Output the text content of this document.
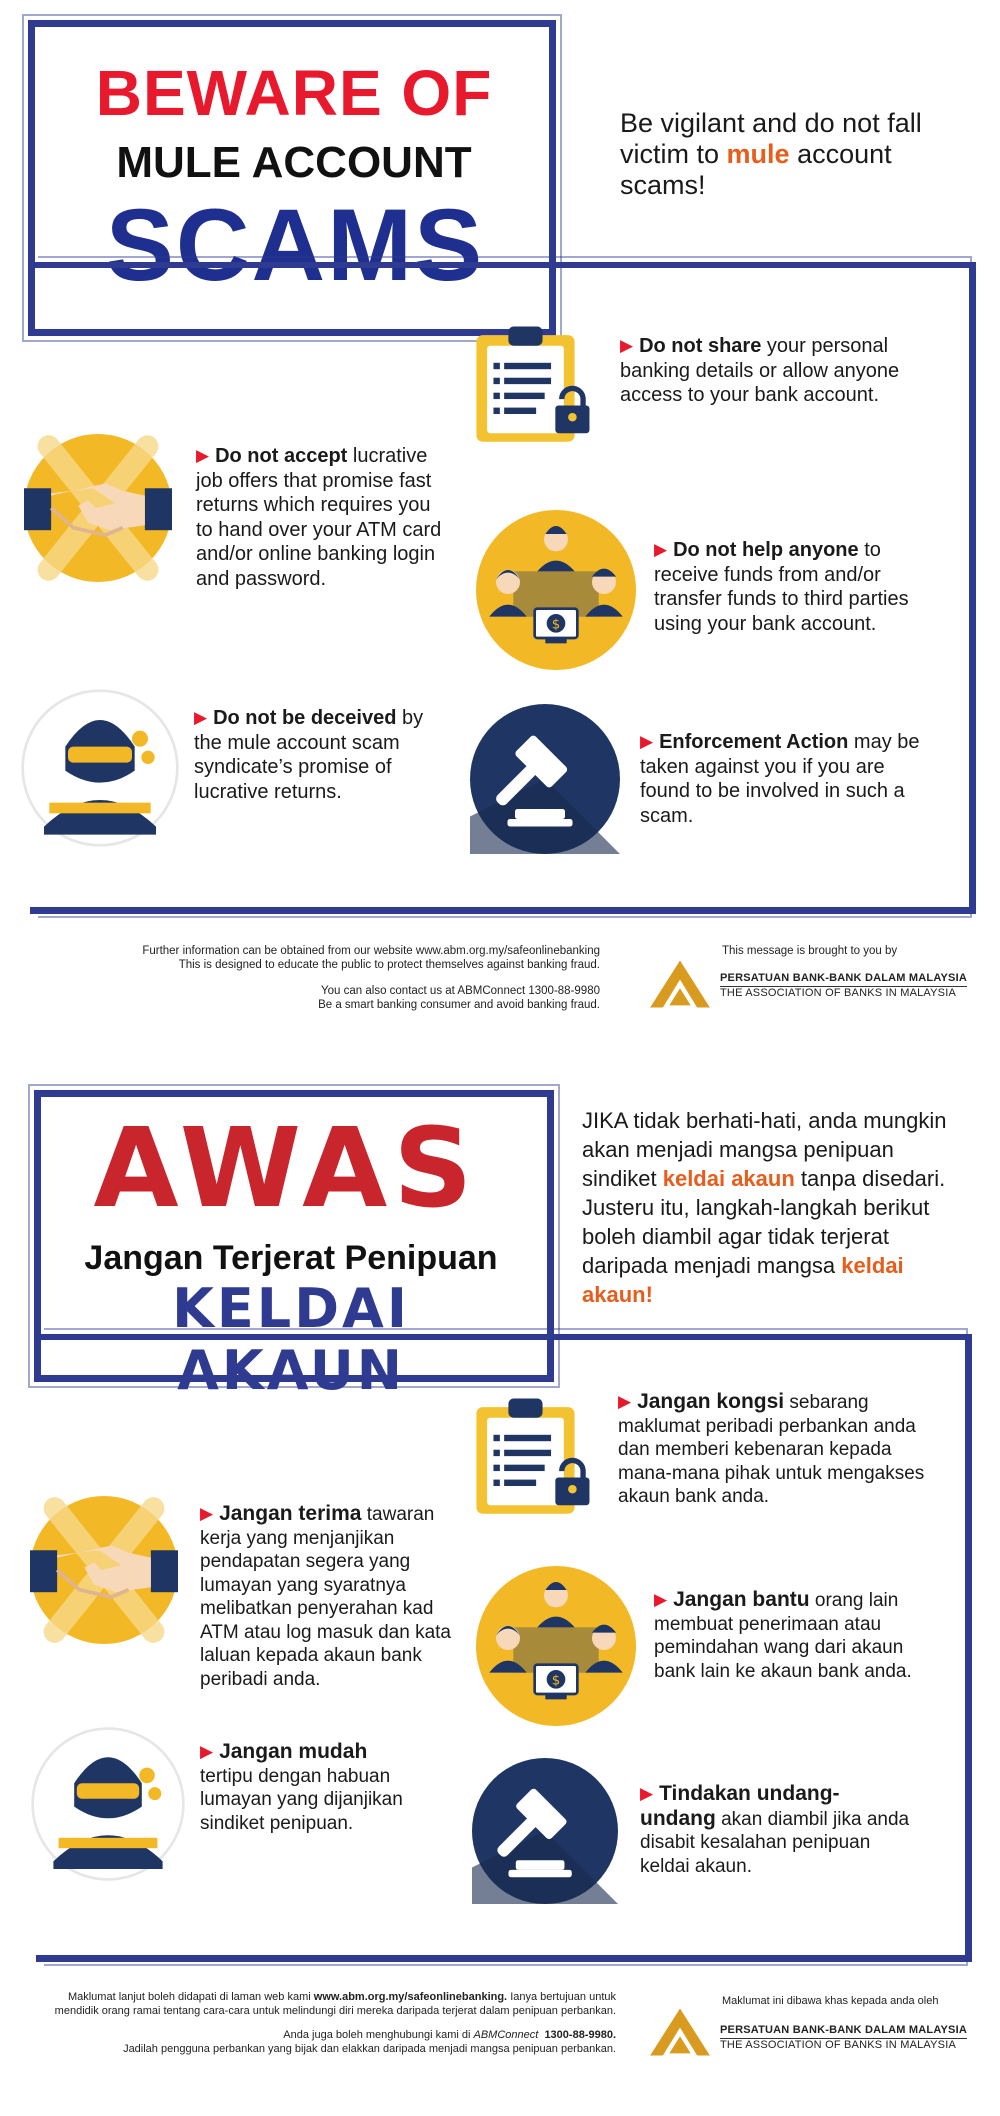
BEWARE OF
MULE ACCOUNT
SCAMS
Be vigilant and do not fall victim to mule account scams!
▶ Do not share your personal banking details or allow anyone access to your bank account.
▶ Do not accept lucrative job offers that promise fast returns which requires you to hand over your ATM card and/or online banking login and password.
▶ Do not help anyone to receive funds from and/or transfer funds to third parties using your bank account.
▶ Do not be deceived by the mule account scam syndicate’s promise of lucrative returns.
▶ Enforcement Action may be taken against you if you are found to be involved in such a scam.
Further information can be obtained from our website www.abm.org.my/safeonlinebanking
This is designed to educate the public to protect themselves against banking fraud.
You can also contact us at ABMConnect 1300-88-9980
Be a smart banking consumer and avoid banking fraud.
This message is brought to you by
PERSATUAN BANK-BANK DALAM MALAYSIA
THE ASSOCIATION OF BANKS IN MALAYSIA
AWAS
Jangan Terjerat Penipuan
KELDAI AKAUN
JIKA tidak berhati-hati, anda mungkin akan menjadi mangsa penipuan sindiket keldai akaun tanpa disedari. Justeru itu, langkah-langkah berikut boleh diambil agar tidak terjerat daripada menjadi mangsa keldai akaun!
▶ Jangan kongsi sebarang maklumat peribadi perbankan anda dan memberi kebenaran kepada mana-mana pihak untuk mengakses akaun bank anda.
▶ Jangan terima tawaran kerja yang menjanjikan pendapatan segera yang lumayan yang syaratnya melibatkan penyerahan kad ATM atau log masuk dan kata laluan kepada akaun bank peribadi anda.
▶ Jangan bantu orang lain membuat penerimaan atau pemindahan wang dari akaun bank lain ke akaun bank anda.
▶ Jangan mudah tertipu dengan habuan lumayan yang dijanjikan sindiket penipuan.
▶ Tindakan undang-undang akan diambil jika anda disabit kesalahan penipuan keldai akaun.
Maklumat lanjut boleh didapati di laman web kami www.abm.org.my/safeonlinebanking. Ianya bertujuan untuk
mendidik orang ramai tentang cara-cara untuk melindungi diri mereka daripada terjerat dalam penipuan perbankan.
Anda juga boleh menghubungi kami di ABMConnect 1300-88-9980.
Jadilah pengguna perbankan yang bijak dan elakkan daripada menjadi mangsa penipuan perbankan.
Maklumat ini dibawa khas kepada anda oleh
PERSATUAN BANK-BANK DALAM MALAYSIA
THE ASSOCIATION OF BANKS IN MALAYSIA
